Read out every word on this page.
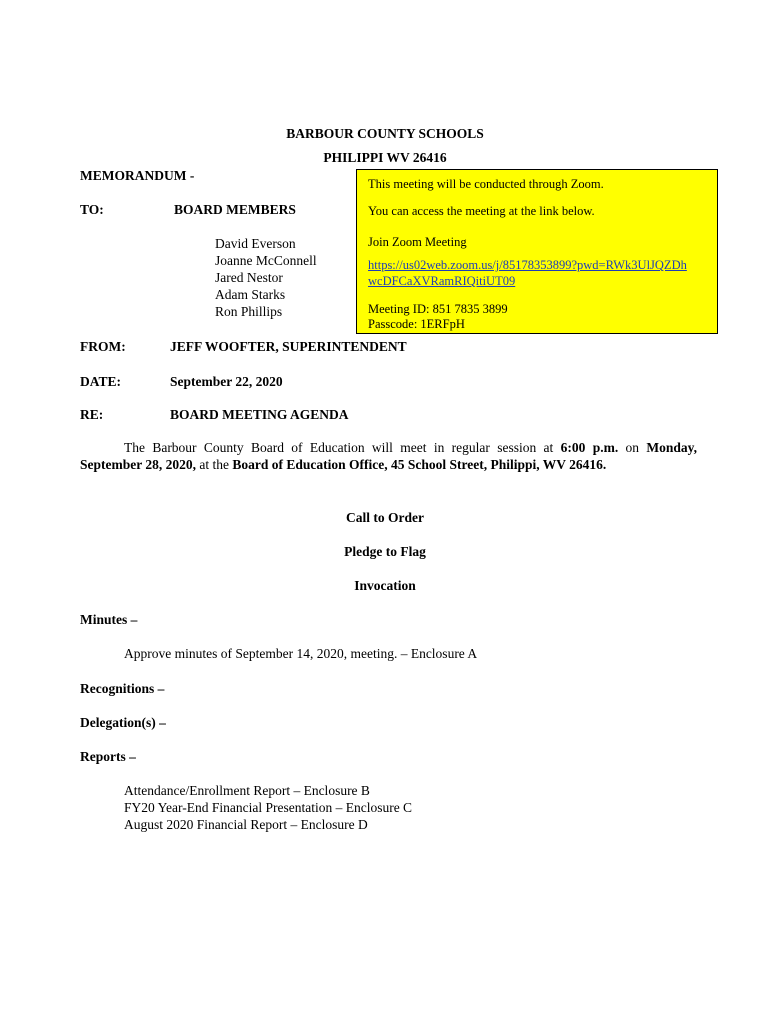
BARBOUR COUNTY SCHOOLS
PHILIPPI WV 26416
MEMORANDUM -
TO:	BOARD MEMBERS
David Everson
Joanne McConnell
Jared Nestor
Adam Starks
Ron Phillips
This meeting will be conducted through Zoom.
You can access the meeting at the link below.
Join Zoom Meeting
https://us02web.zoom.us/j/85178353899?pwd=RWk3UlJQZDh
wcDFCaXVRamRIQitiUT09
Meeting ID: 851 7835 3899
Passcode: 1ERFpH
FROM:	JEFF WOOFTER, SUPERINTENDENT
DATE:	September 22, 2020
RE:	BOARD MEETING AGENDA
The Barbour County Board of Education will meet in regular session at 6:00 p.m. on Monday, September 28, 2020, at the Board of Education Office, 45 School Street, Philippi, WV 26416.
Call to Order
Pledge to Flag
Invocation
Minutes –
Approve minutes of September 14, 2020, meeting. – Enclosure A
Recognitions –
Delegation(s) –
Reports –
Attendance/Enrollment Report – Enclosure B
FY20 Year-End Financial Presentation – Enclosure C
August 2020 Financial Report – Enclosure D
